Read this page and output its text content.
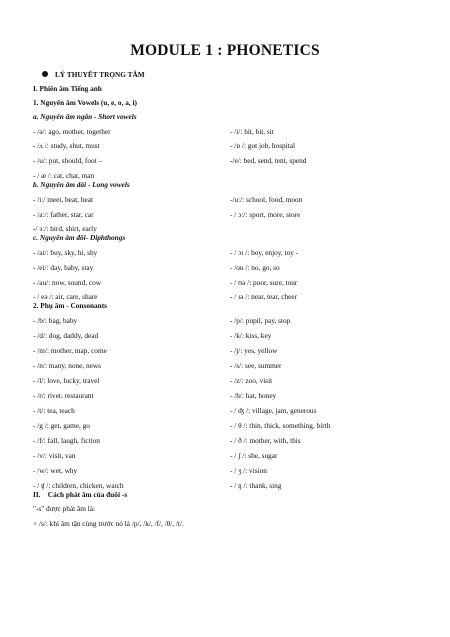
MODULE 1 : PHONETICS
LÝ THUYẾT TRỌNG TÂM
I. Phiên âm Tiếng anh
1. Nguyên âm Vowels (u, e, o, a, i)
a. Nguyên âm ngắn - Short vowels
- /ə/: ago, mother, together	- /i/: hit, bit, sit
- /ʌ /: study, shut, must	- /ɒ /: got job, hospital
- /u/: put, should, foot –	-/e/: bed, send, tent, spend
- / æ /: cat, chat, man
b. Nguyên âm dài - Long vowels
- /iː/ meet, beat, heat	-/uː/: school, food, moon
- /aː/: father, star, car	- / ɔː/: sport, more, store
-/ ɜː/: bird, shirt, early
c. Nguyên âm đôi- Diphthongs
- /ai/: buy, sky, hi, shy	- / ɔɪ /: boy, enjoy, toy -
- /ei/: day, baby, stay	- /ou /: no, go, so
- /au/: now, sound, cow	- / ʊə /: poor, sure, tour
- / eə /: air, care, share	- / ɪə /: near, tear, cheer
2. Phụ âm - Consonants
- /b/: bag, baby	- /p/: pupil, pay, stop
- /d/: dog, daddy, dead	- /k/: kiss, key
- /m/: mother, map, come	- /j/: yes, yellow
- /n/: many, none, news	- /s/: see, summer
- /l/: love, lucky, travel	- /z/: zoo, visit
- /r/: river, restaurant	- /h/: hat, honey
- /t/: tea, teach	- / ʤ /: village, jam, generous
- /g /: get, game, go	- / θ /: thin, thick, something, birth
- /f/: fall, laugh, fiction	- / ð /: mother, with, this
- /v/: visit, van	- / ʃ /: she, sugar
- /w/: wet, why	- / ʒ /: vision
- / ʧ /: children, chicken, watch	- / ŋ /: thank, sing
II.    Cách phát âm của đuôi -s
"-s" được phát âm là:
+ /s/: khi âm tận cùng trước nó là /p/, /k/, /f/, /θ/, /t/.
